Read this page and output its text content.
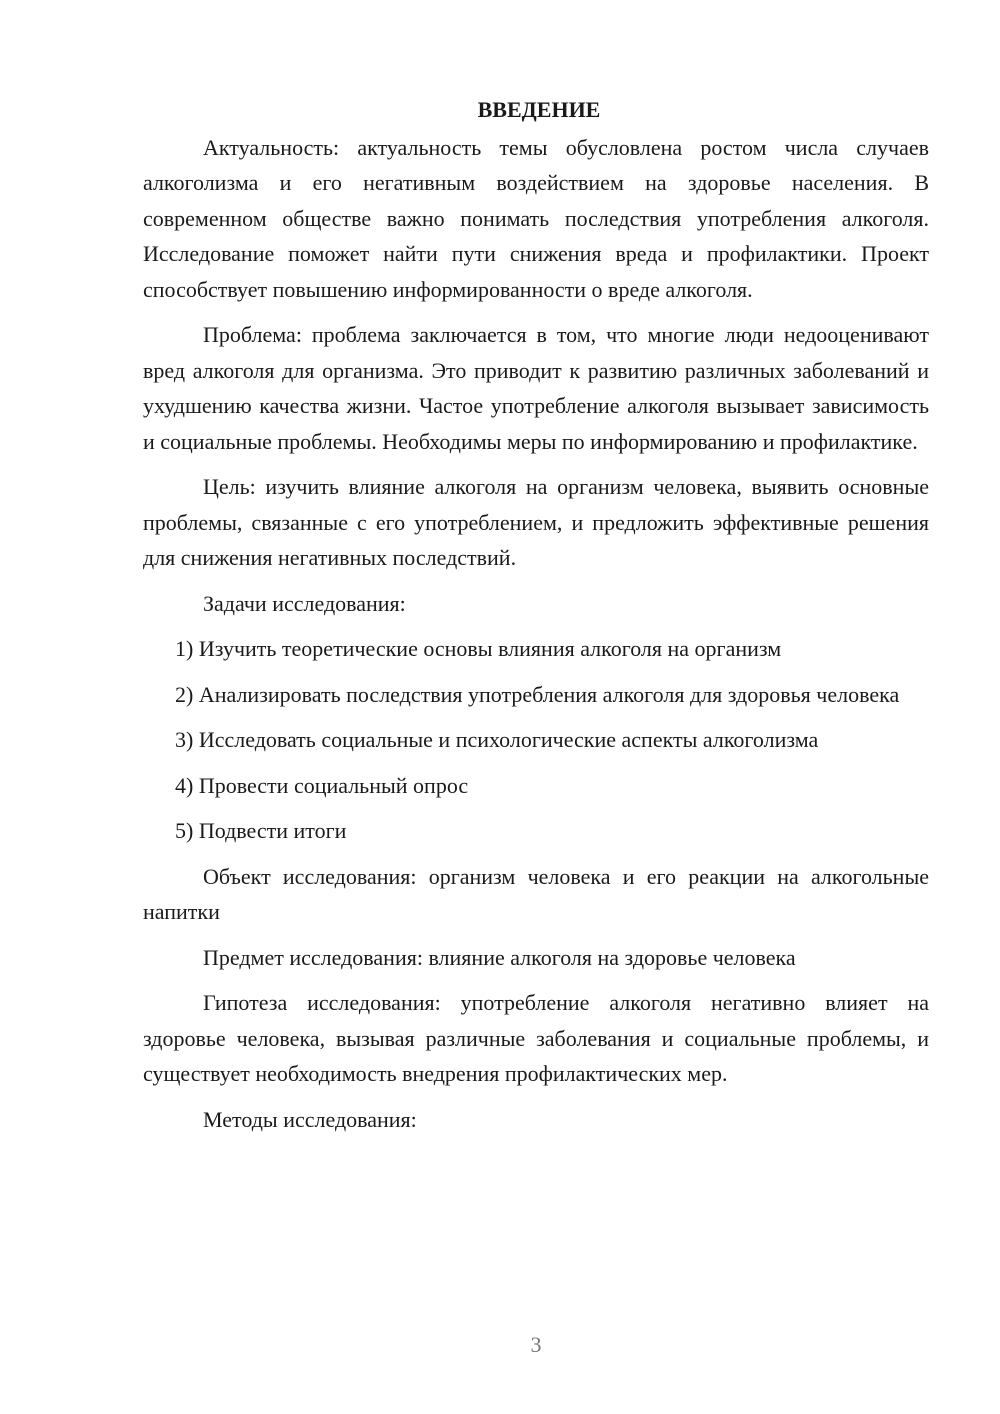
ВВЕДЕНИЕ

Актуальность: актуальность темы обусловлена ростом числа случаев алкоголизма и его негативным воздействием на здоровье населения. В современном обществе важно понимать последствия употребления алкоголя. Исследование поможет найти пути снижения вреда и профилактики. Проект способствует повышению информированности о вреде алкоголя.

Проблема: проблема заключается в том, что многие люди недооценивают вред алкоголя для организма. Это приводит к развитию различных заболеваний и ухудшению качества жизни. Частое употребление алкоголя вызывает зависимость и социальные проблемы. Необходимы меры по информированию и профилактике.

Цель: изучить влияние алкоголя на организм человека, выявить основные проблемы, связанные с его употреблением, и предложить эффективные решения для снижения негативных последствий.

Задачи исследования:

1) Изучить теоретические основы влияния алкоголя на организм

2) Анализировать последствия употребления алкоголя для здоровья человека

3) Исследовать социальные и психологические аспекты алкоголизма

4) Провести социальный опрос

5) Подвести итоги

Объект исследования: организм человека и его реакции на алкогольные напитки

Предмет исследования: влияние алкоголя на здоровье человека

Гипотеза исследования: употребление алкоголя негативно влияет на здоровье человека, вызывая различные заболевания и социальные проблемы, и существует необходимость внедрения профилактических мер.

Методы исследования:

3
